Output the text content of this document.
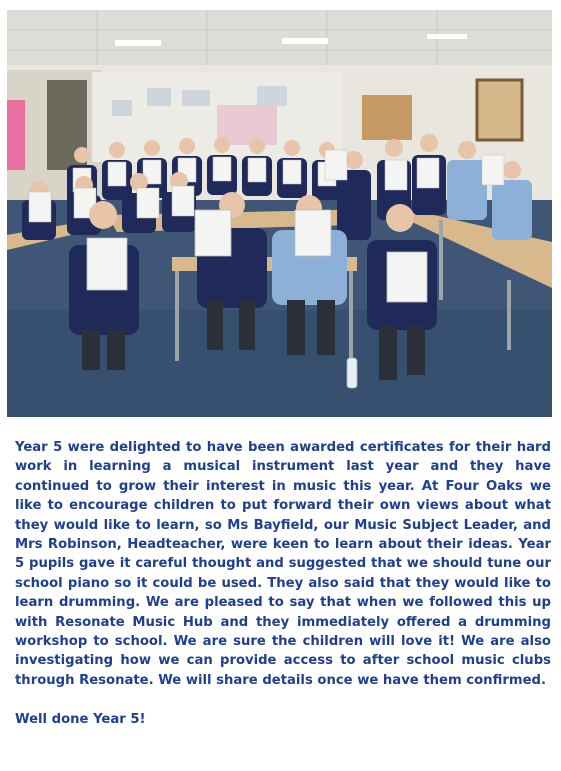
Year 5 were delighted to have been awarded certificates for their hard work in learning a musical instrument last year and they have continued to grow their interest in music this year. At Four Oaks we like to encourage children to put forward their own views about what they would like to learn, so Ms Bayfield, our Music Subject Leader, and Mrs Robinson, Headteacher, were keen to learn about their ideas. Year 5 pupils gave it careful thought and suggested that we should tune our school piano so it could be used. They also said that they would like to learn drumming. We are pleased to say that when we followed this up with Resonate Music Hub and they immediately offered a drumming workshop to school. We are sure the children will love it! We are also investigating how we can provide access to after school music clubs through Resonate. We will share details once we have them confirmed.

Well done Year 5!
